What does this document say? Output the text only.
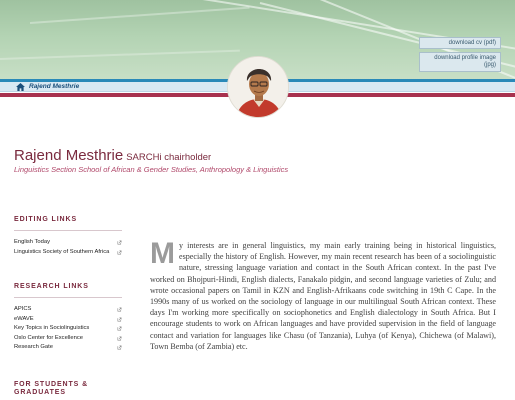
download cv (pdf)
download profile image
(jpg)
Rajend Mesthrie
Rajend Mesthrie SARCHi chairholder
Linguistics Section School of African & Gender Studies, Anthropology & Linguistics
EDITING LINKS
English Today
Linguistics Society of Southern Africa
RESEARCH LINKS
APICS
eWAVE
Key Topics in Sociolinguistics
Oslo Center for Excellence
Research Gate
FOR STUDENTS &
GRADUATES
My interests are in general linguistics, my main early training being in historical linguistics, especially the history of English. However, my main recent research has been of a sociolinguistic nature, stressing language variation and contact in the South African context. In the past I've worked on Bhojpuri-Hindi, English dialects, Fanakalo pidgin, and second language varieties of Zulu; and wrote occasional papers on Tamil in KZN and English-Afrikaans code switching in 19th C Cape. In the 1990s many of us worked on the sociology of language in our multilingual South African context. These days I'm working more specifically on sociophonetics and English dialectology in South Africa. But I encourage students to work on African languages and have provided supervision in the field of language contact and variation for languages like Chasu (of Tanzania), Luhya (of Kenya), Chichewa (of Malawi), Town Bemba (of Zambia) etc.
